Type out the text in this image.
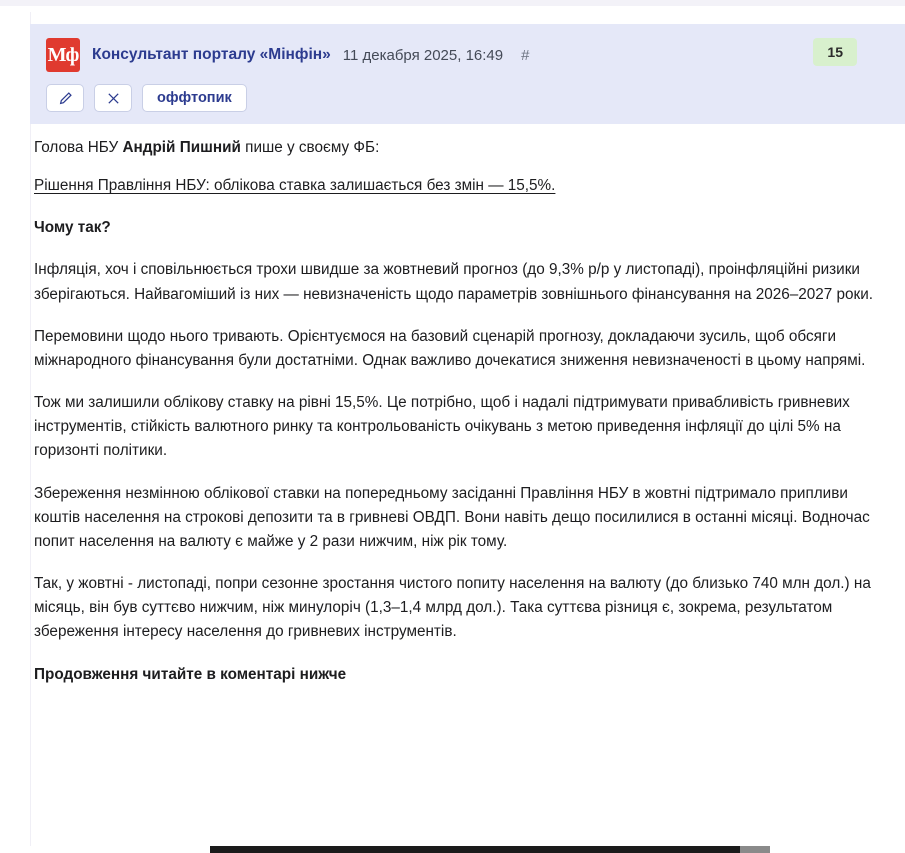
Мф Консультант порталу «Мінфін» 11 декабря 2025, 16:49 #	15
оффтопик

Голова НБУ Андрій Пишний пише у своєму ФБ:

Рішення Правління НБУ: облікова ставка залишається без змін — 15,5%.

Чому так?

Інфляція, хоч і сповільнюється трохи швидше за жовтневий прогноз (до 9,3% р/р у листопаді), проінфляційні ризики зберігаються. Найвагоміший із них — невизначеність щодо параметрів зовнішнього фінансування на 2026–2027 роки.

Перемовини щодо нього тривають. Орієнтуємося на базовий сценарій прогнозу, докладаючи зусиль, щоб обсяги міжнародного фінансування були достатніми. Однак важливо дочекатися зниження невизначеності в цьому напрямі.

Тож ми залишили облікову ставку на рівні 15,5%. Це потрібно, щоб і надалі підтримувати привабливість гривневих інструментів, стійкість валютного ринку та контрольованість очікувань з метою приведення інфляції до цілі 5% на горизонті політики.

Збереження незмінною облікової ставки на попередньому засіданні Правління НБУ в жовтні підтримало припливи коштів населення на строкові депозити та в гривневі ОВДП. Вони навіть дещо посилилися в останні місяці. Водночас попит населення на валюту є майже у 2 рази нижчим, ніж рік тому.

Так, у жовтні - листопаді, попри сезонне зростання чистого попиту населення на валюту (до близько 740 млн дол.) на місяць, він був суттєво нижчим, ніж минулоріч (1,3–1,4 млрд дол.). Така суттєва різниця є, зокрема, результатом збереження інтересу населення до гривневих інструментів.

Продовження читайте в коментарі нижче
